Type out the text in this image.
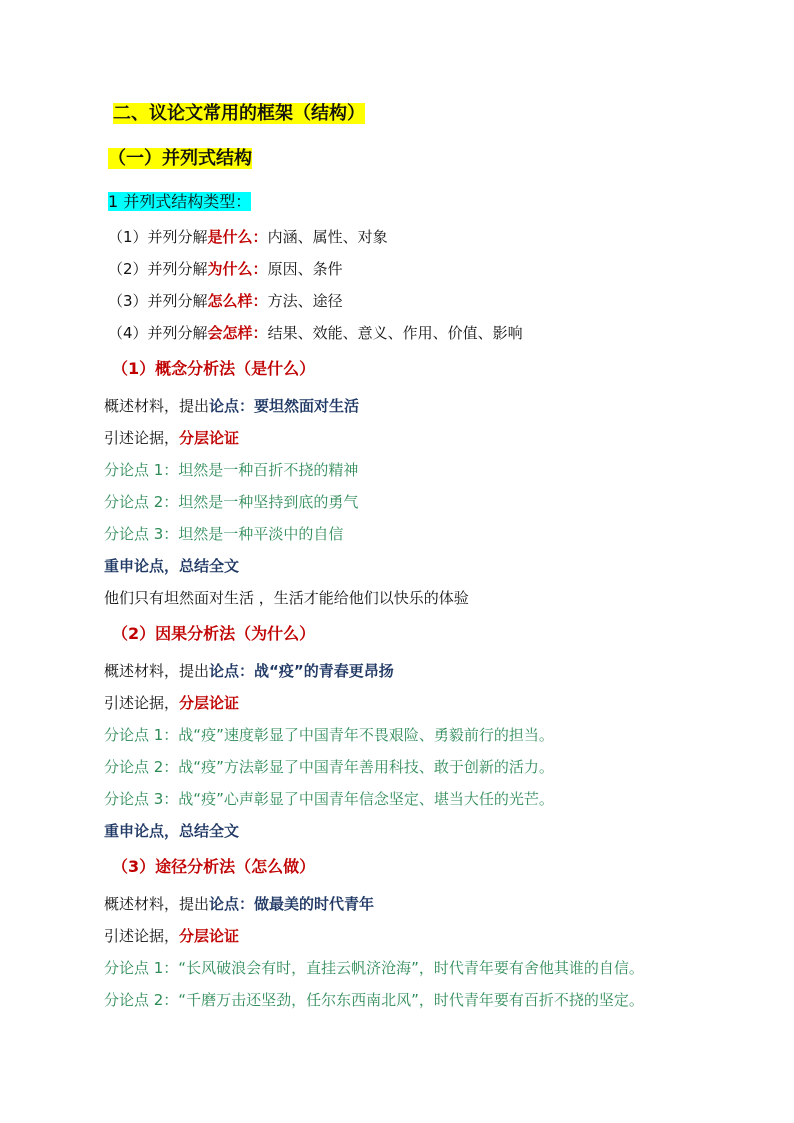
二、议论文常用的框架（结构）
（一）并列式结构
1 并列式结构类型：
（1）并列分解是什么：内涵、属性、对象
（2）并列分解为什么：原因、条件
（3）并列分解怎么样：方法、途径
（4）并列分解会怎样：结果、效能、意义、作用、价值、影响
（1）概念分析法（是什么）
概述材料，提出论点：要坦然面对生活
引述论据，分层论证
分论点 1：坦然是一种百折不挠的精神
分论点 2：坦然是一种坚持到底的勇气
分论点 3：坦然是一种平淡中的自信
重申论点，总结全文
他们只有坦然面对生活 ，生活才能给他们以快乐的体验
（2）因果分析法（为什么）
概述材料，提出论点：战“疫”的青春更昂扬
引述论据，分层论证
分论点 1：战“疫”速度彰显了中国青年不畏艰险、勇毅前行的担当。
分论点 2：战“疫”方法彰显了中国青年善用科技、敢于创新的活力。
分论点 3：战“疫”心声彰显了中国青年信念坚定、堪当大任的光芒。
重申论点，总结全文
（3）途径分析法（怎么做）
概述材料，提出论点：做最美的时代青年
引述论据，分层论证
分论点 1：“长风破浪会有时，直挂云帆济沧海”，时代青年要有舍他其谁的自信。
分论点 2：“千磨万击还坚劲，任尔东西南北风”，时代青年要有百折不挠的坚定。
